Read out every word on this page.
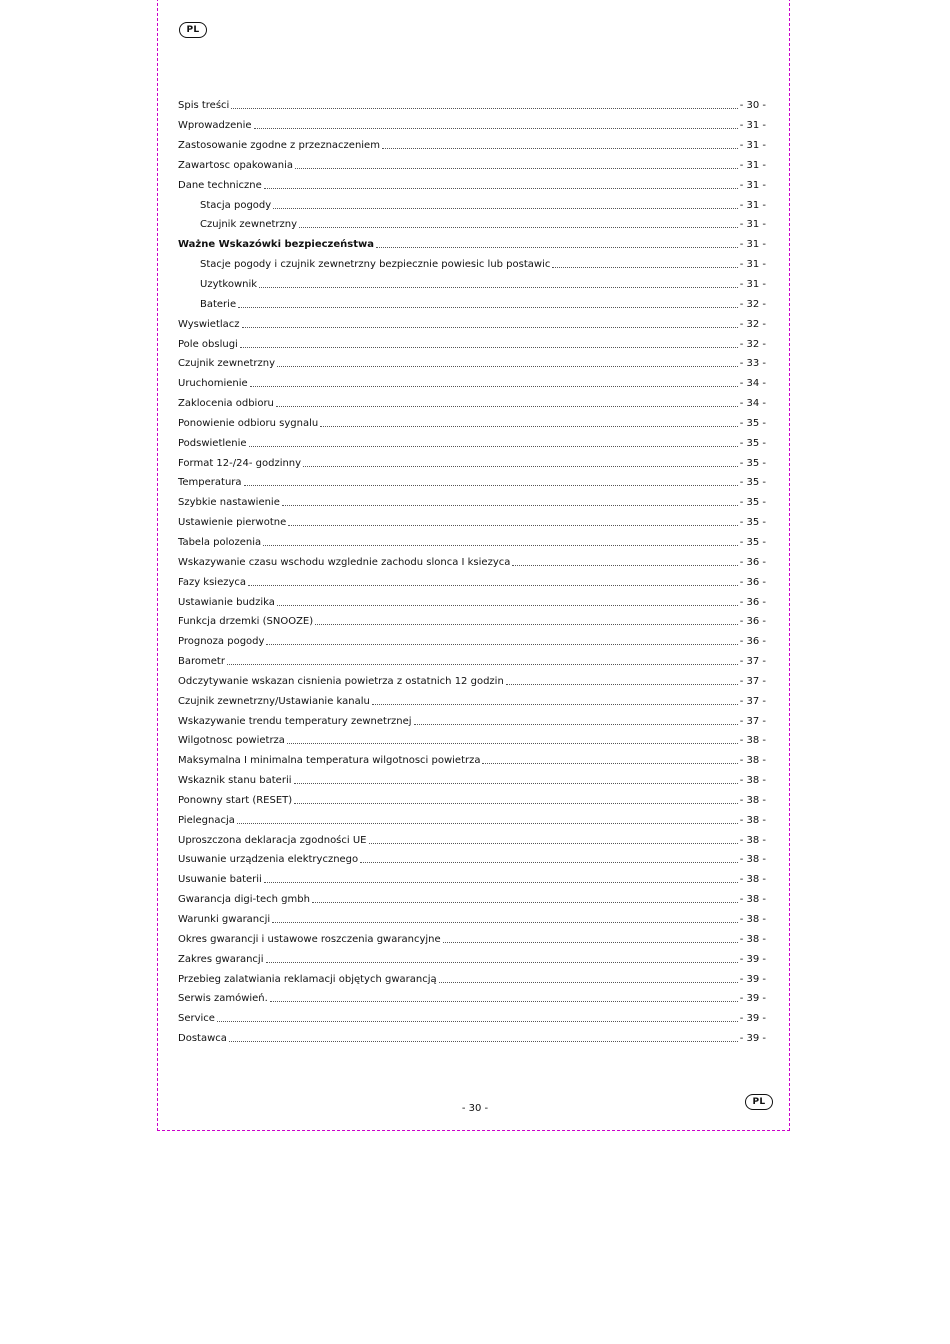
PL
Spis treści	- 30 -
Wprowadzenie	- 31 -
Zastosowanie zgodne z przeznaczeniem	- 31 -
Zawartosc opakowania	- 31 -
Dane techniczne	- 31 -
Stacja pogody	- 31 -
Czujnik zewnetrzny	- 31 -
Ważne Wskazówki bezpieczeństwa	- 31 -
Stacje pogody i czujnik zewnetrzny bezpiecznie powiesic lub postawic	- 31 -
Uzytkownik	- 31 -
Baterie	- 32 -
Wyswietlacz	- 32 -
Pole obslugi	- 32 -
Czujnik zewnetrzny	- 33 -
Uruchomienie	- 34 -
Zaklocenia odbioru	- 34 -
Ponowienie odbioru sygnalu	- 35 -
Podswietlenie	- 35 -
Format 12-/24- godzinny	- 35 -
Temperatura	- 35 -
Szybkie nastawienie	- 35 -
Ustawienie pierwotne	- 35 -
Tabela polozenia	- 35 -
Wskazywanie czasu wschodu wzglednie zachodu slonca I ksiezyca	- 36 -
Fazy ksiezyca	- 36 -
Ustawianie budzika	- 36 -
Funkcja drzemki (SNOOZE)	- 36 -
Prognoza pogody	- 36 -
Barometr	- 37 -
Odczytywanie wskazan cisnienia powietrza z ostatnich 12 godzin	- 37 -
Czujnik zewnetrzny/Ustawianie kanalu	- 37 -
Wskazywanie trendu temperatury zewnetrznej	- 37 -
Wilgotnosc powietrza	- 38 -
Maksymalna I minimalna temperatura wilgotnosci powietrza	- 38 -
Wskaznik stanu baterii	- 38 -
Ponowny start (RESET)	- 38 -
Pielegnacja	- 38 -
Uproszczona deklaracja zgodności UE	- 38 -
Usuwanie urządzenia elektrycznego	- 38 -
Usuwanie baterii	- 38 -
Gwarancja digi-tech gmbh	- 38 -
Warunki gwarancji	- 38 -
Okres gwarancji i ustawowe roszczenia gwarancyjne	- 38 -
Zakres gwarancji	- 39 -
Przebieg zalatwiania reklamacji objętych gwarancją	- 39 -
Serwis zamówień.	- 39 -
Service	- 39 -
Dostawca	- 39 -
- 30 -
PL
